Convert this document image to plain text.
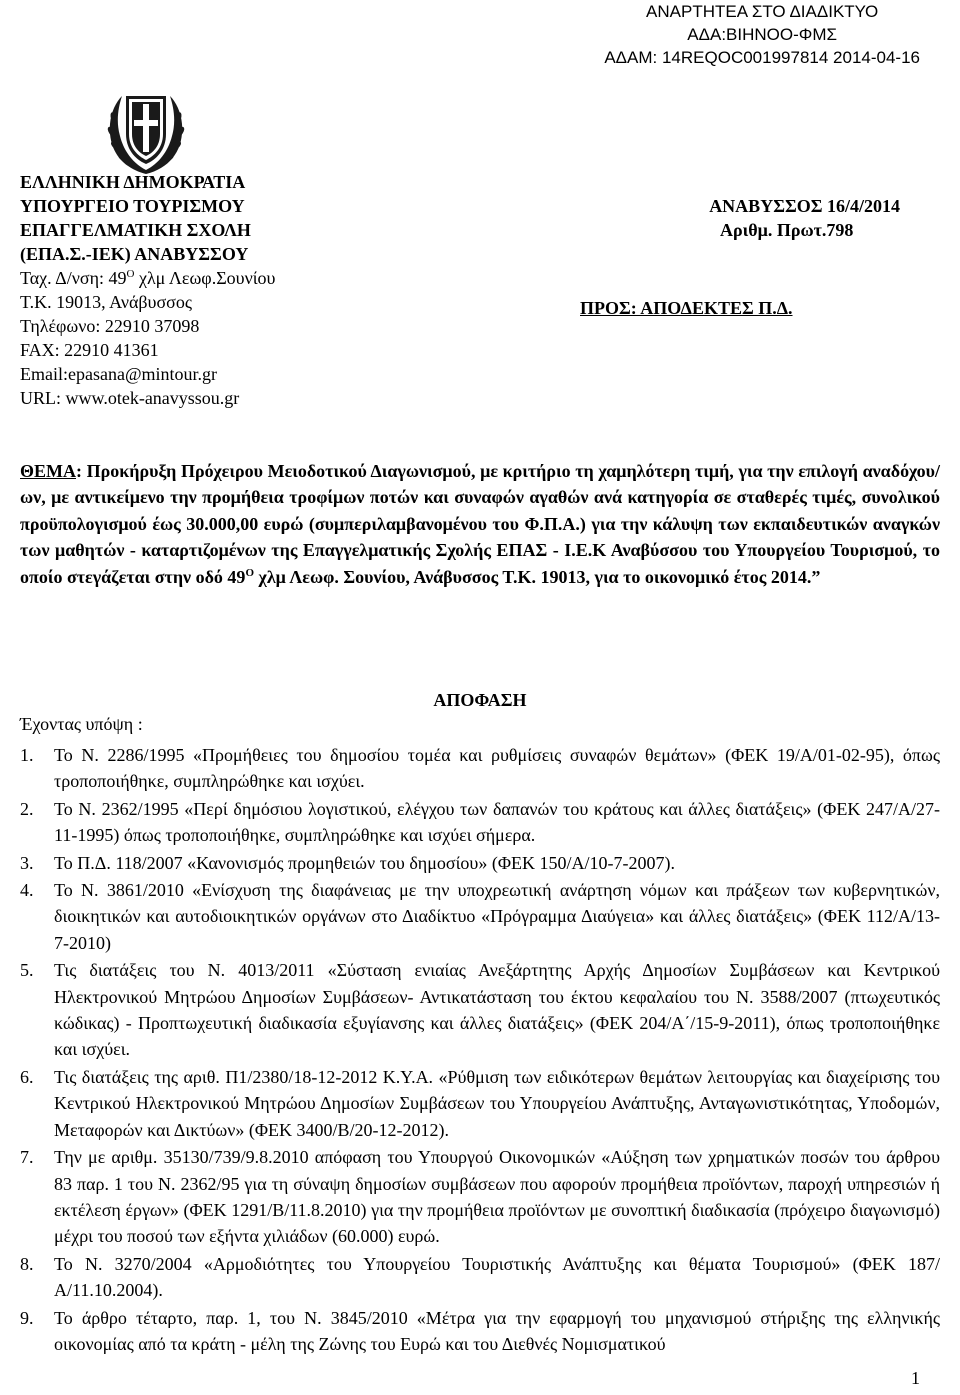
ΑΝΑΡΤΗΤΕΑ ΣΤΟ ΔΙΑΔΙΚΤΥΟ
ΑΔΑ:ΒΙΗΝΟΟ-ΦΜΣ
ΑΔΑΜ: 14REQOC001997814 2014-04-16
ΕΛΛΗΝΙΚΗ ΔΗΜΟΚΡΑΤΙΑ
ΥΠΟΥΡΓΕΙΟ ΤΟΥΡΙΣΜΟΥ
ΕΠΑΓΓΕΛΜΑΤΙΚΗ ΣΧΟΛΗ
(ΕΠΑ.Σ.-ΙΕΚ) ΑΝΑΒΥΣΣΟΥ
Ταχ. Δ/νση: $49^O$ χλμ Λεωφ.Σουνίου
Τ.Κ. 19013, Ανάβυσσος
Τηλέφωνο: 22910 37098
FAX: 22910 41361
Email:epasana@mintour.gr
URL: www.otek-anavyssou.gr
ΑΝΑΒΥΣΣΟΣ 16/4/2014
Αριθμ. Πρωτ.798
ΠΡΟΣ: ΑΠΟΔΕΚΤΕΣ Π.Δ.
ΘΕΜΑ: Προκήρυξη Πρόχειρου Μειοδοτικού Διαγωνισμού, με κριτήριο τη χαμηλότερη τιμή, για την επιλογή αναδόχου/ων, με αντικείμενο την προμήθεια τροφίμων ποτών και συναφών αγαθών ανά κατηγορία σε σταθερές τιμές, συνολικού προϋπολογισμού έως 30.000,00 ευρώ (συμπεριλαμβανομένου του Φ.Π.Α.) για την κάλυψη των εκπαιδευτικών αναγκών των μαθητών - καταρτιζομένων της Επαγγελματικής Σχολής ΕΠΑΣ - Ι.Ε.Κ Αναβύσσου του Υπουργείου Τουρισμού, το οποίο στεγάζεται στην οδό $49^O$ χλμ Λεωφ. Σουνίου, Ανάβυσσος Τ.Κ. 19013, για το οικονομικό έτος 2014.”
ΑΠΟΦΑΣΗ
Έχοντας υπόψη :
1.	Το Ν. 2286/1995 «Προμήθειες του δημοσίου τομέα και ρυθμίσεις συναφών θεμάτων» (ΦΕΚ 19/Α/01-02-95), όπως τροποποιήθηκε, συμπληρώθηκε και ισχύει.
2.	Το Ν. 2362/1995 «Περί δημόσιου λογιστικού, ελέγχου των δαπανών του κράτους και άλλες διατάξεις» (ΦΕΚ 247/Α/27-11-1995) όπως τροποποιήθηκε, συμπληρώθηκε και ισχύει σήμερα.
3.	Το Π.Δ. 118/2007 «Κανονισμός προμηθειών του δημοσίου» (ΦΕΚ 150/Α/10-7-2007).
4.	Το Ν. 3861/2010 «Ενίσχυση της διαφάνειας με την υποχρεωτική ανάρτηση νόμων και πράξεων των κυβερνητικών, διοικητικών και αυτοδιοικητικών οργάνων στο Διαδίκτυο «Πρόγραμμα Διαύγεια» και άλλες διατάξεις» (ΦΕΚ 112/Α/13-7-2010)
5.	Τις διατάξεις του Ν. 4013/2011 «Σύσταση ενιαίας Ανεξάρτητης Αρχής Δημοσίων Συμβάσεων και Κεντρικού Ηλεκτρονικού Μητρώου Δημοσίων Συμβάσεων- Αντικατάσταση του έκτου κεφαλαίου του Ν. 3588/2007 (πτωχευτικός κώδικας) - Προπτωχευτική διαδικασία εξυγίανσης και άλλες διατάξεις» (ΦΕΚ 204/Α΄/15-9-2011), όπως τροποποιήθηκε και ισχύει.
6.	Τις διατάξεις της αριθ. Π1/2380/18-12-2012 Κ.Υ.Α. «Ρύθμιση των ειδικότερων θεμάτων λειτουργίας και διαχείρισης του Κεντρικού Ηλεκτρονικού Μητρώου Δημοσίων Συμβάσεων του Υπουργείου Ανάπτυξης, Ανταγωνιστικότητας, Υποδομών, Μεταφορών και Δικτύων» (ΦΕΚ 3400/Β/20-12-2012).
7.	Την με αριθμ. 35130/739/9.8.2010 απόφαση του Υπουργού Οικονομικών «Αύξηση των χρηματικών ποσών του άρθρου 83 παρ. 1 του Ν. 2362/95 για τη σύναψη δημοσίων συμβάσεων που αφορούν προμήθεια προϊόντων, παροχή υπηρεσιών ή εκτέλεση έργων» (ΦΕΚ 1291/Β/11.8.2010) για την προμήθεια προϊόντων με συνοπτική διαδικασία (πρόχειρο διαγωνισμό) μέχρι του ποσού των εξήντα χιλιάδων (60.000) ευρώ.
8.	Το Ν. 3270/2004 «Αρμοδιότητες του Υπουργείου Τουριστικής Ανάπτυξης και θέματα Τουρισμού» (ΦΕΚ 187/Α/11.10.2004).
9.	Το άρθρο τέταρτο, παρ. 1, του Ν. 3845/2010 «Μέτρα για την εφαρμογή του μηχανισμού στήριξης της ελληνικής οικονομίας από τα κράτη - μέλη της Ζώνης του Ευρώ και του Διεθνές Νομισματικού
1
